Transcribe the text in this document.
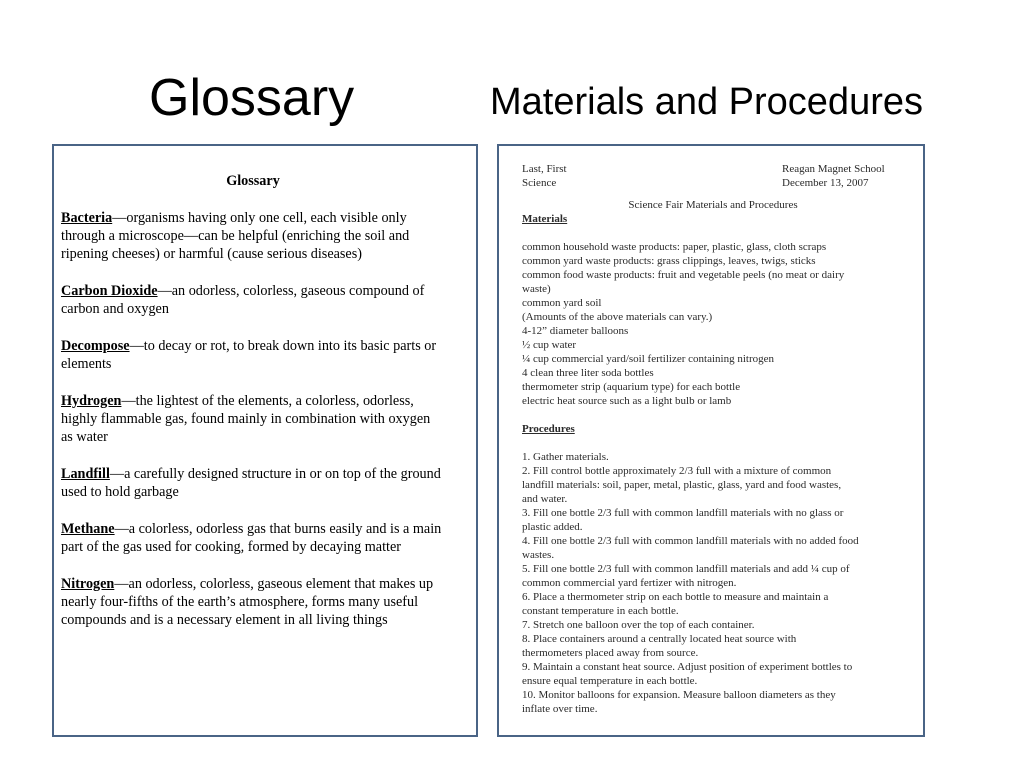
Glossary	Materials and Procedures
Glossary
Bacteria—organisms having only one cell, each visible only through a microscope—can be helpful (enriching the soil and ripening cheeses) or harmful (cause serious diseases)
Carbon Dioxide—an odorless, colorless, gaseous compound of carbon and oxygen
Decompose—to decay or rot, to break down into its basic parts or elements
Hydrogen—the lightest of the elements, a colorless, odorless, highly flammable gas, found mainly in combination with oxygen as water
Landfill—a carefully designed structure in or on top of the ground used to hold garbage
Methane—a colorless, odorless gas that burns easily and is a main part of the gas used for cooking, formed by decaying matter
Nitrogen—an odorless, colorless, gaseous element that makes up nearly four-fifths of the earth’s atmosphere, forms many useful compounds and is a necessary element in all living things
Last, First	Reagan Magnet School
Science	December 13, 2007
Science Fair Materials and Procedures
Materials
common household waste products: paper, plastic, glass, cloth scraps
common yard waste products: grass clippings, leaves, twigs, sticks
common food waste products: fruit and vegetable peels (no meat or dairy
waste)
common yard soil
(Amounts of the above materials can vary.)
4-12” diameter balloons
½ cup water
¼ cup commercial yard/soil fertilizer containing nitrogen
4 clean three liter soda bottles
thermometer strip (aquarium type) for each bottle
electric heat source such as a light bulb or lamb
Procedures
1. Gather materials.
2. Fill control bottle approximately 2/3 full with a mixture of common
landfill materials: soil, paper, metal, plastic, glass, yard and food wastes,
and water.
3. Fill one bottle 2/3 full with common landfill materials with no glass or
plastic added.
4. Fill one bottle 2/3 full with common landfill materials with no added food
wastes.
5. Fill one bottle 2/3 full with common landfill materials and add ¼ cup of
common commercial yard fertizer with nitrogen.
6. Place a thermometer strip on each bottle to measure and maintain a
constant temperature in each bottle.
7. Stretch one balloon over the top of each container.
8. Place containers around a centrally located heat source with
thermometers placed away from source.
9. Maintain a constant heat source. Adjust position of experiment bottles to
ensure equal temperature in each bottle.
10. Monitor balloons for expansion. Measure balloon diameters as they
inflate over time.
